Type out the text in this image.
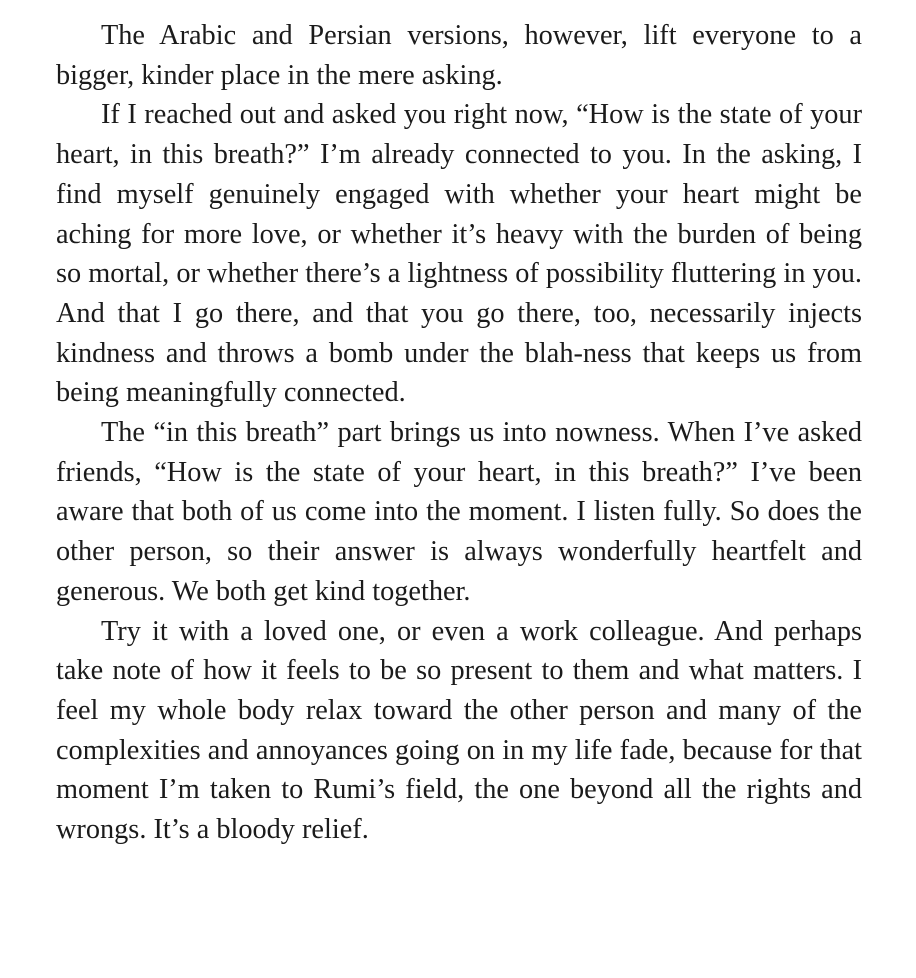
The Arabic and Persian versions, however, lift everyone to a bigger, kinder place in the mere asking.

If I reached out and asked you right now, “How is the state of your heart, in this breath?” I’m already connected to you. In the asking, I find myself genuinely engaged with whether your heart might be aching for more love, or whether it’s heavy with the burden of being so mortal, or whether there’s a lightness of possibility fluttering in you. And that I go there, and that you go there, too, necessarily injects kindness and throws a bomb under the blah-ness that keeps us from being meaningfully connected.

The “in this breath” part brings us into nowness. When I’ve asked friends, “How is the state of your heart, in this breath?” I’ve been aware that both of us come into the moment. I listen fully. So does the other person, so their answer is always wonderfully heartfelt and generous. We both get kind together.

Try it with a loved one, or even a work colleague. And perhaps take note of how it feels to be so present to them and what matters. I feel my whole body relax toward the other person and many of the complexities and annoyances going on in my life fade, because for that moment I’m taken to Rumi’s field, the one beyond all the rights and wrongs. It’s a bloody relief.
